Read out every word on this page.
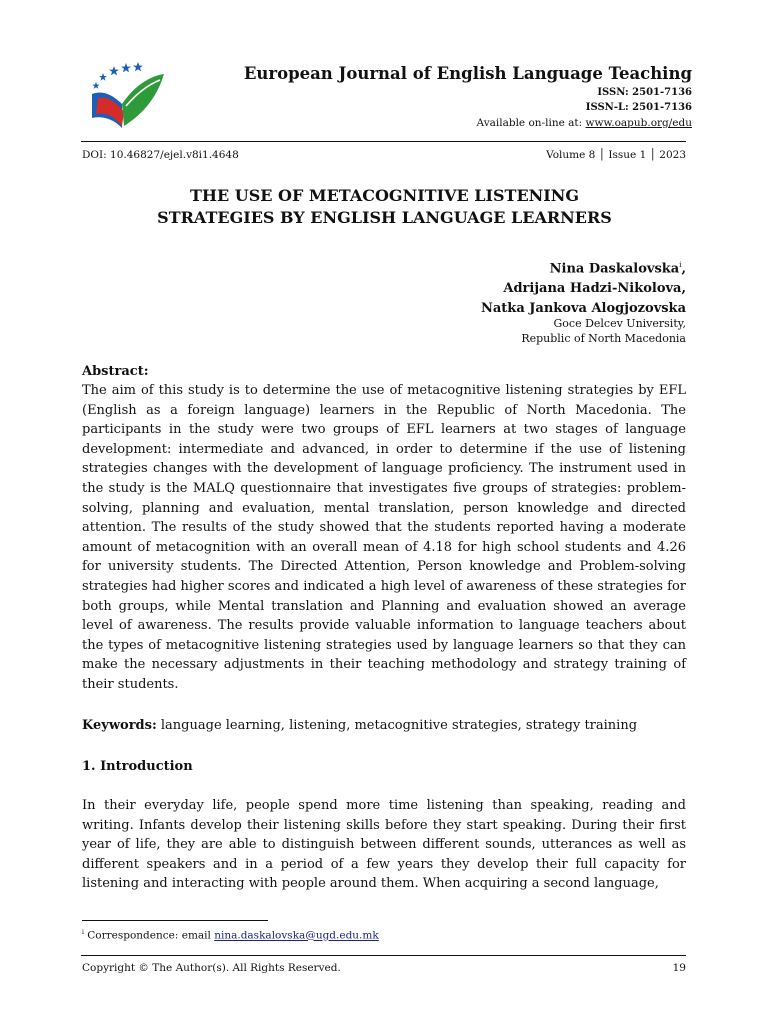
European Journal of English Language Teaching
ISSN: 2501-7136
ISSN-L: 2501-7136
Available on-line at: www.oapub.org/edu
DOI: 10.46827/ejel.v8i1.4648	Volume 8 │ Issue 1 │ 2023
THE USE OF METACOGNITIVE LISTENING
STRATEGIES BY ENGLISH LANGUAGE LEARNERS
Nina Daskalovska$^i$,
Adrijana Hadzi-Nikolova,
Natka Jankova Alogjozovska
Goce Delcev University,
Republic of North Macedonia
Abstract:
The aim of this study is to determine the use of metacognitive listening strategies by EFL (English as a foreign language) learners in the Republic of North Macedonia. The participants in the study were two groups of EFL learners at two stages of language development: intermediate and advanced, in order to determine if the use of listening strategies changes with the development of language proficiency. The instrument used in the study is the MALQ questionnaire that investigates five groups of strategies: problem-solving, planning and evaluation, mental translation, person knowledge and directed attention. The results of the study showed that the students reported having a moderate amount of metacognition with an overall mean of 4.18 for high school students and 4.26 for university students. The Directed Attention, Person knowledge and Problem-solving strategies had higher scores and indicated a high level of awareness of these strategies for both groups, while Mental translation and Planning and evaluation showed an average level of awareness. The results provide valuable information to language teachers about the types of metacognitive listening strategies used by language learners so that they can make the necessary adjustments in their teaching methodology and strategy training of their students.
Keywords: language learning, listening, metacognitive strategies, strategy training
1. Introduction
In their everyday life, people spend more time listening than speaking, reading and writing. Infants develop their listening skills before they start speaking. During their first year of life, they are able to distinguish between different sounds, utterances as well as different speakers and in a period of a few years they develop their full capacity for listening and interacting with people around them. When acquiring a second language,
$^i$ Correspondence: email nina.daskalovska@ugd.edu.mk
Copyright © The Author(s). All Rights Reserved.	19
